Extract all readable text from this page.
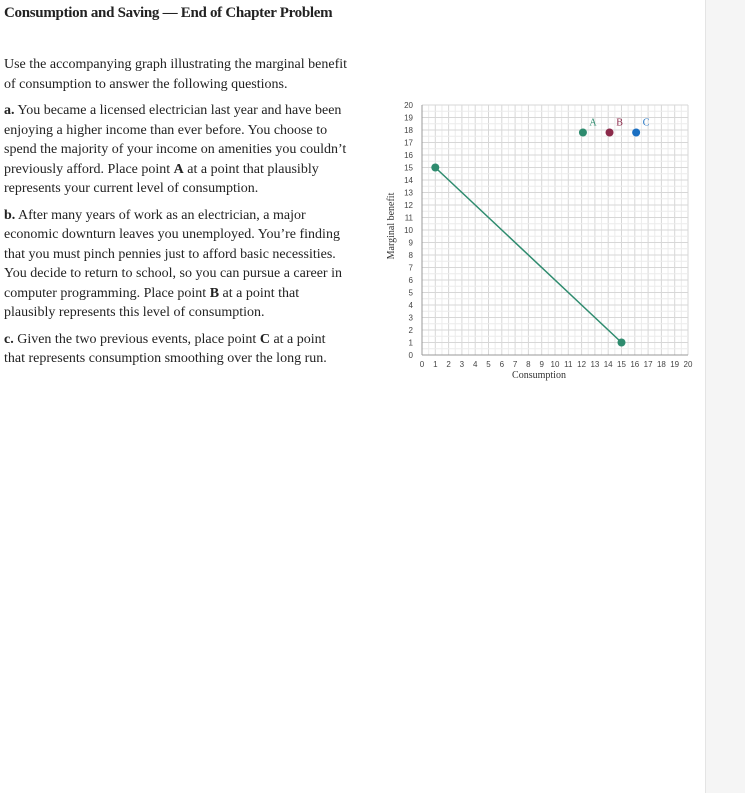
Consumption and Saving — End of Chapter Problem

Use the accompanying graph illustrating the marginal benefit of consumption to answer the following questions.

a. You became a licensed electrician last year and have been enjoying a higher income than ever before. You choose to spend the majority of your income on amenities you couldn’t previously afford. Place point A at a point that plausibly represents your current level of consumption.

b. After many years of work as an electrician, a major economic downturn leaves you unemployed. You’re finding that you must pinch pennies just to afford basic necessities. You decide to return to school, so you can pursue a career in computer programming. Place point B at a point that plausibly represents this level of consumption.

c. Given the two previous events, place point C at a point that represents consumption smoothing over the long run.	0 1 2 3 4 5 6 7 8 9 10 11 12 13 14 15 16 17 18 19 20
0
1
2
3
4
5
6
7
8
9
10
11
12
13
14
15
16
17
18
19
20
A B C
Consumption
Marginal benefit
